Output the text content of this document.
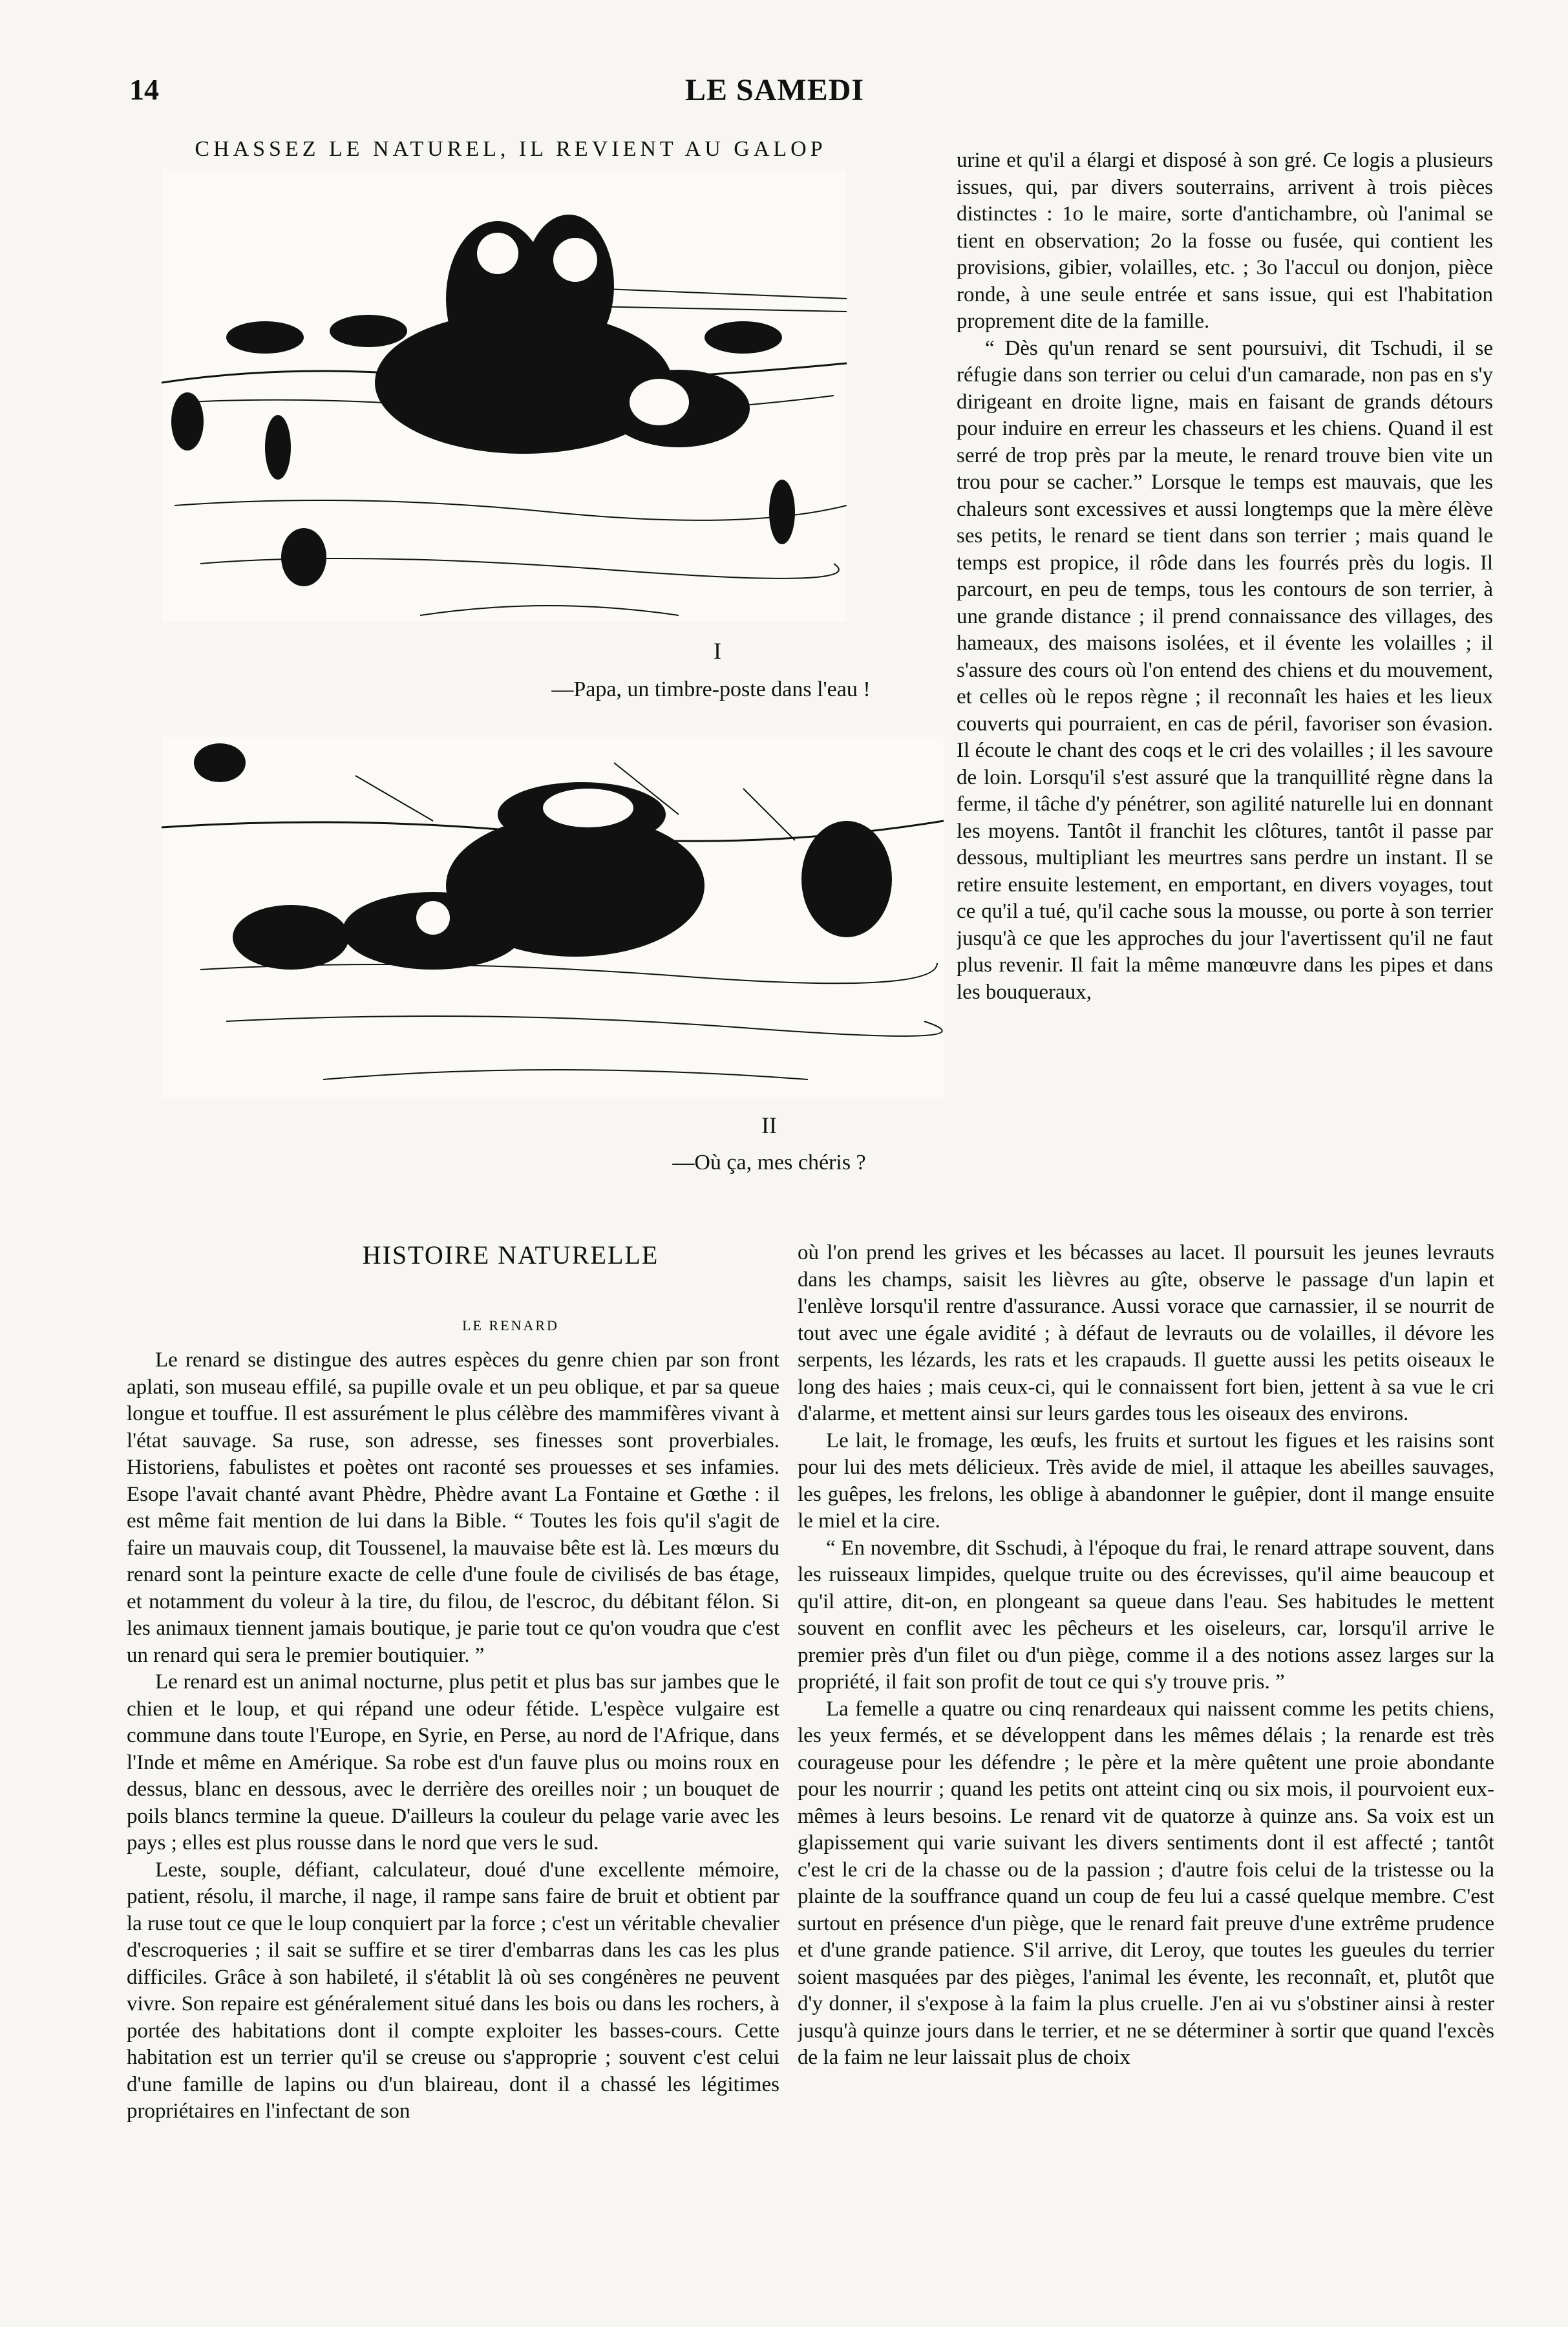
14	LE SAMEDI
CHASSEZ LE NATUREL, IL REVIENT AU GALOP
I
—Papa, un timbre-poste dans l'eau !
II
—Où ça, mes chéris ?
HISTOIRE NATURELLE
LE RENARD

Le renard se distingue des autres espèces du genre chien par son front aplati, son museau effilé, sa pupille ovale et un peu oblique, et par sa queue longue et touffue. Il est assurément le plus célèbre des mammifères vivant à l'état sauvage. Sa ruse, son adresse, ses finesses sont proverbiales. Historiens, fabulistes et poètes ont raconté ses prouesses et ses infamies. Esope l'avait chanté avant Phèdre, Phèdre avant La Fontaine et Gœthe : il est même fait mention de lui dans la Bible. “ Toutes les fois qu'il s'agit de faire un mauvais coup, dit Toussenel, la mauvaise bête est là. Les mœurs du renard sont la peinture exacte de celle d'une foule de civilisés de bas étage, et notamment du voleur à la tire, du filou, de l'escroc, du débitant félon. Si les animaux tiennent jamais boutique, je parie tout ce qu'on voudra que c'est un renard qui sera le premier boutiquier. ”

Le renard est un animal nocturne, plus petit et plus bas sur jambes que le chien et le loup, et qui répand une odeur fétide. L'espèce vulgaire est commune dans toute l'Europe, en Syrie, en Perse, au nord de l'Afrique, dans l'Inde et même en Amérique. Sa robe est d'un fauve plus ou moins roux en dessus, blanc en dessous, avec le derrière des oreilles noir ; un bouquet de poils blancs termine la queue. D'ailleurs la couleur du pelage varie avec les pays ; elles est plus rousse dans le nord que vers le sud.

Leste, souple, défiant, calculateur, doué d'une excellente mémoire, patient, résolu, il marche, il nage, il rampe sans faire de bruit et obtient par la ruse tout ce que le loup conquiert par la force ; c'est un véritable chevalier d'escroqueries ; il sait se suffire et se tirer d'embarras dans les cas les plus difficiles. Grâce à son habileté, il s'établit là où ses congénères ne peuvent vivre. Son repaire est généralement situé dans les bois ou dans les rochers, à portée des habitations dont il compte exploiter les basses-cours. Cette habitation est un terrier qu'il se creuse ou s'approprie ; souvent c'est celui d'une famille de lapins ou d'un blaireau, dont il a chassé les légitimes propriétaires en l'infectant de son

urine et qu'il a élargi et disposé à son gré. Ce logis a plusieurs issues, qui, par divers souterrains, arrivent à trois pièces distinctes : 1o le maire, sorte d'antichambre, où l'animal se tient en observation; 2o la fosse ou fusée, qui contient les provisions, gibier, volailles, etc. ; 3o l'accul ou donjon, pièce ronde, à une seule entrée et sans issue, qui est l'habitation proprement dite de la famille.

“ Dès qu'un renard se sent poursuivi, dit Tschudi, il se réfugie dans son terrier ou celui d'un camarade, non pas en s'y dirigeant en droite ligne, mais en faisant de grands détours pour induire en erreur les chasseurs et les chiens. Quand il est serré de trop près par la meute, le renard trouve bien vite un trou pour se cacher.” Lorsque le temps est mauvais, que les chaleurs sont excessives et aussi longtemps que la mère élève ses petits, le renard se tient dans son terrier ; mais quand le temps est propice, il rôde dans les fourrés près du logis. Il parcourt, en peu de temps, tous les contours de son terrier, à une grande distance ; il prend connaissance des villages, des hameaux, des maisons isolées, et il évente les volailles ; il s'assure des cours où l'on entend des chiens et du mouvement, et celles où le repos règne ; il reconnaît les haies et les lieux couverts qui pourraient, en cas de péril, favoriser son évasion. Il écoute le chant des coqs et le cri des volailles ; il les savoure de loin. Lorsqu'il s'est assuré que la tranquillité règne dans la ferme, il tâche d'y pénétrer, son agilité naturelle lui en donnant les moyens. Tantôt il franchit les clôtures, tantôt il passe par dessous, multipliant les meurtres sans perdre un instant. Il se retire ensuite lestement, en emportant, en divers voyages, tout ce qu'il a tué, qu'il cache sous la mousse, ou porte à son terrier jusqu'à ce que les approches du jour l'avertissent qu'il ne faut plus revenir. Il fait la même manœuvre dans les pipes et dans les bouqueraux,

où l'on prend les grives et les bécasses au lacet. Il poursuit les jeunes levrauts dans les champs, saisit les lièvres au gîte, observe le passage d'un lapin et l'enlève lorsqu'il rentre d'assurance. Aussi vorace que carnassier, il se nourrit de tout avec une égale avidité ; à défaut de levrauts ou de volailles, il dévore les serpents, les lézards, les rats et les crapauds. Il guette aussi les petits oiseaux le long des haies ; mais ceux-ci, qui le connaissent fort bien, jettent à sa vue le cri d'alarme, et mettent ainsi sur leurs gardes tous les oiseaux des environs.

Le lait, le fromage, les œufs, les fruits et surtout les figues et les raisins sont pour lui des mets délicieux. Très avide de miel, il attaque les abeilles sauvages, les guêpes, les frelons, les oblige à abandonner le guêpier, dont il mange ensuite le miel et la cire.

“ En novembre, dit Sschudi, à l'époque du frai, le renard attrape souvent, dans les ruisseaux limpides, quelque truite ou des écrevisses, qu'il aime beaucoup et qu'il attire, dit-on, en plongeant sa queue dans l'eau. Ses habitudes le mettent souvent en conflit avec les pêcheurs et les oiseleurs, car, lorsqu'il arrive le premier près d'un filet ou d'un piège, comme il a des notions assez larges sur la propriété, il fait son profit de tout ce qui s'y trouve pris. ”

La femelle a quatre ou cinq renardeaux qui naissent comme les petits chiens, les yeux fermés, et se développent dans les mêmes délais ; la renarde est très courageuse pour les défendre ; le père et la mère quêtent une proie abondante pour les nourrir ; quand les petits ont atteint cinq ou six mois, il pourvoient eux-mêmes à leurs besoins. Le renard vit de quatorze à quinze ans. Sa voix est un glapissement qui varie suivant les divers sentiments dont il est affecté ; tantôt c'est le cri de la chasse ou de la passion ; d'autre fois celui de la tristesse ou la plainte de la souffrance quand un coup de feu lui a cassé quelque membre. C'est surtout en présence d'un piège, que le renard fait preuve d'une extrême prudence et d'une grande patience. S'il arrive, dit Leroy, que toutes les gueules du terrier soient masquées par des pièges, l'animal les évente, les reconnaît, et, plutôt que d'y donner, il s'expose à la faim la plus cruelle. J'en ai vu s'obstiner ainsi à rester jusqu'à quinze jours dans le terrier, et ne se déterminer à sortir que quand l'excès de la faim ne leur laissait plus de choix
